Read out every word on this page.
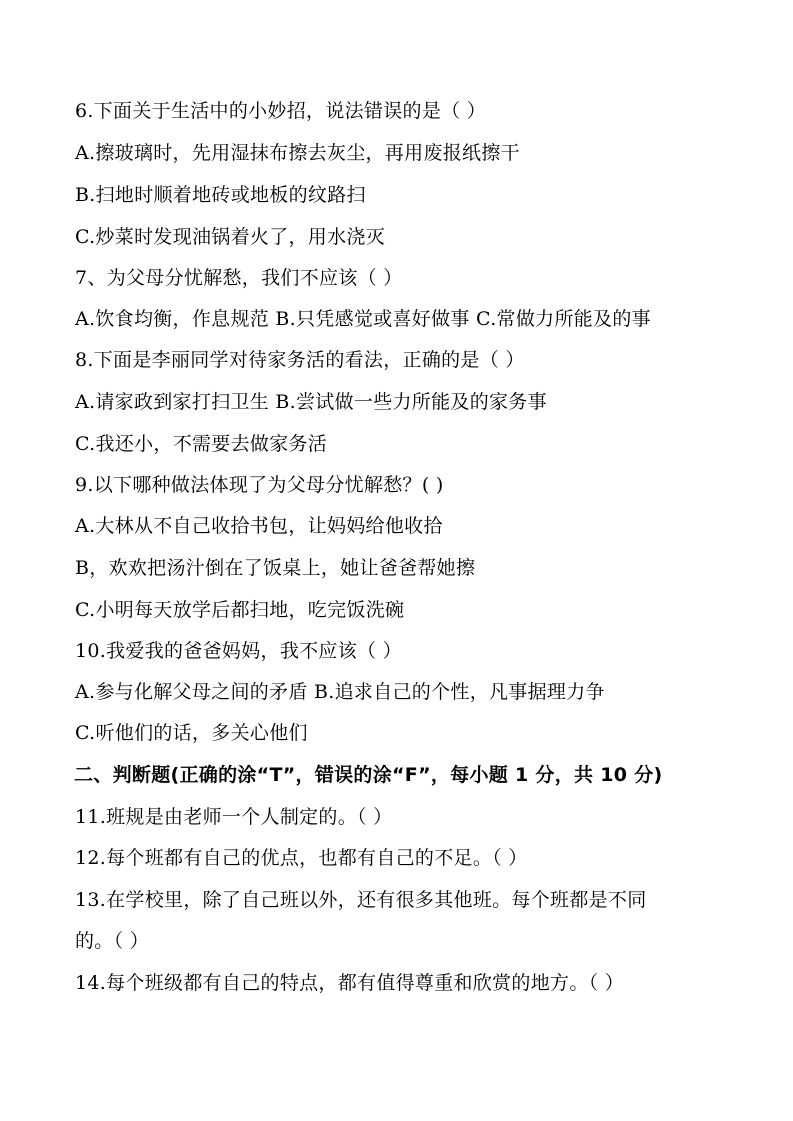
6.下面关于生活中的小妙招，说法错误的是（ ）
A.擦玻璃时，先用湿抹布擦去灰尘，再用废报纸擦干
B.扫地时顺着地砖或地板的纹路扫
C.炒菜时发现油锅着火了，用水浇灭
7、为父母分忧解愁，我们不应该（ ）
A.饮食均衡，作息规范 B.只凭感觉或喜好做事 C.常做力所能及的事
8.下面是李丽同学对待家务活的看法，正确的是（ ）
A.请家政到家打扫卫生 B.尝试做一些力所能及的家务事
C.我还小，不需要去做家务活
9.以下哪种做法体现了为父母分忧解愁？( )
A.大林从不自己收拾书包，让妈妈给他收拾
B，欢欢把汤汁倒在了饭桌上，她让爸爸帮她擦
C.小明每天放学后都扫地，吃完饭洗碗
10.我爱我的爸爸妈妈，我不应该（ ）
A.参与化解父母之间的矛盾 B.追求自己的个性，凡事据理力争
C.听他们的话，多关心他们
二、判断题(正确的涂“T”，错误的涂“F”，每小题 1 分，共 10 分)
11.班规是由老师一个人制定的。（ ）
12.每个班都有自己的优点，也都有自己的不足。（ ）
13.在学校里，除了自己班以外，还有很多其他班。每个班都是不同
的。（ ）
14.每个班级都有自己的特点，都有值得尊重和欣赏的地方。（ ）
